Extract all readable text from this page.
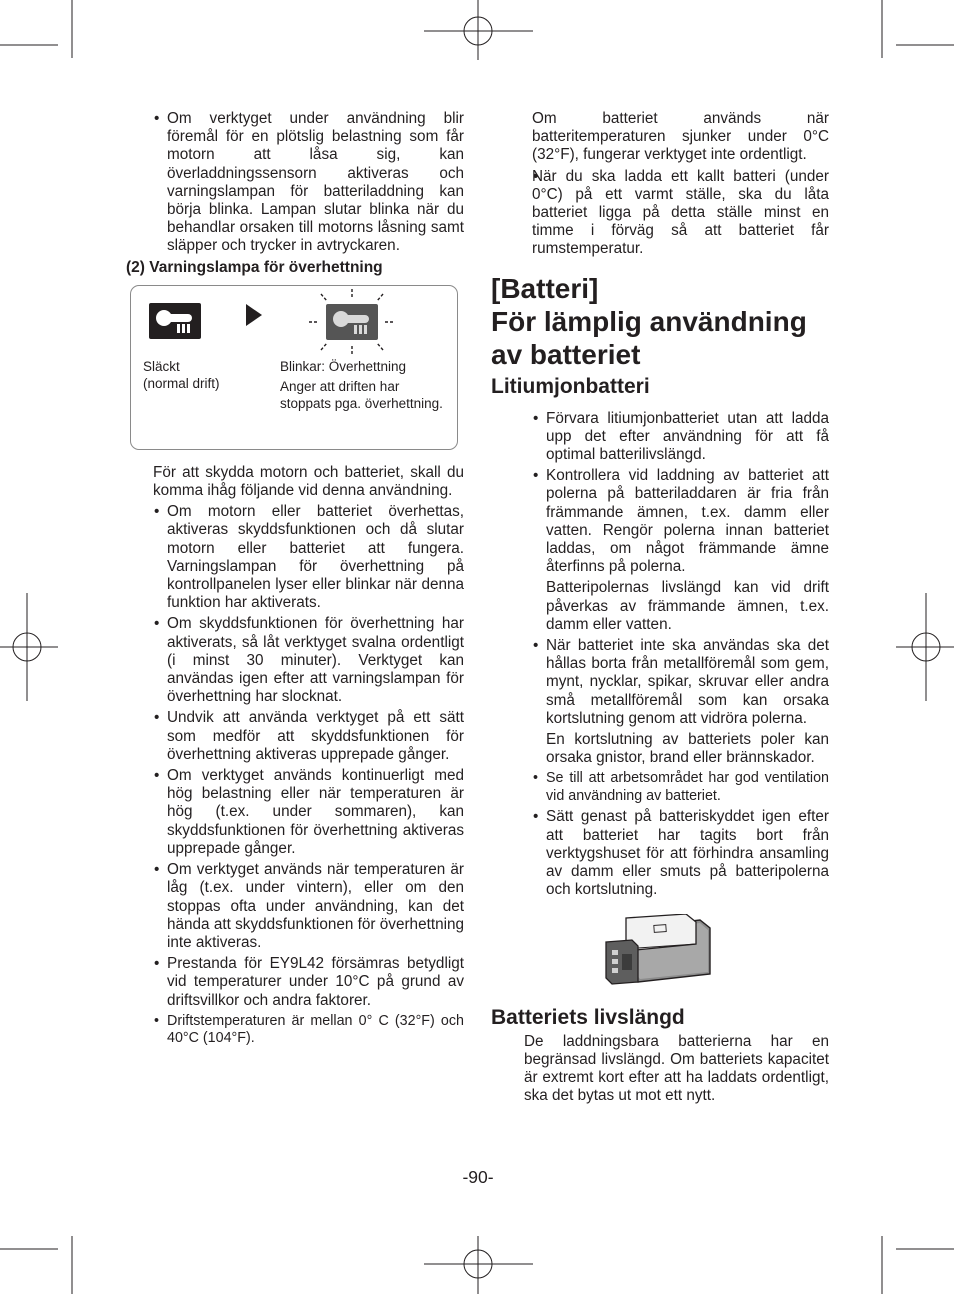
• Om verktyget under användning blir föremål för en plötslig belastning som får motorn att låsa sig, kan överladdningssensorn aktiveras och varningslampan för batteriladdning kan börja blinka. Lampan slutar blinka när du behandlar orsaken till motorns låsning samt släpper och trycker in avtryckaren.
(2) Varningslampa för överhettning
Släckt
(normal drift)
Blinkar: Överhettning
Anger att driften har stoppats pga. överhettning.
För att skydda motorn och batteriet, skall du komma ihåg följande vid denna användning.
• Om motorn eller batteriet överhettas, aktiveras skyddsfunktionen och då slutar motorn eller batteriet att fungera. Varningslampan för överhettning på kontrollpanelen lyser eller blinkar när denna funktion har aktiverats.
• Om skyddsfunktionen för överhettning har aktiverats, så låt verktyget svalna ordentligt (i minst 30 minuter). Verktyget kan användas igen efter att varningslampan för överhettning har slocknat.
• Undvik att använda verktyget på ett sätt som medför att skyddsfunktionen för överhettning aktiveras upprepade gånger.
• Om verktyget används kontinuerligt med hög belastning eller när temperaturen är hög (t.ex. under sommaren), kan skyddsfunktionen för överhettning aktiveras upprepade gånger.
• Om verktyget används när temperaturen är låg (t.ex. under vintern), eller om den stoppas ofta under användning, kan det hända att skyddsfunktionen för överhettning inte aktiveras.
• Prestanda för EY9L42 försämras betydligt vid temperaturer under 10°C på grund av driftsvillkor och andra faktorer.
• Driftstemperaturen är mellan 0° C (32°F) och 40°C (104°F).
Om batteriet används när batteritemperaturen sjunker under 0°C (32°F), fungerar verktyget inte ordentligt.
• När du ska ladda ett kallt batteri (under 0°C) på ett varmt ställe, ska du låta batteriet ligga på detta ställe minst en timme i förväg så att batteriet får rumstemperatur.
[Batteri]
För lämplig användning
av batteriet
Litiumjonbatteri
• Förvara litiumjonbatteriet utan att ladda upp det efter användning för att få optimal batterilivslängd.
• Kontrollera vid laddning av batteriet att polerna på batteriladdaren är fria från främmande ämnen, t.ex. damm eller vatten. Rengör polerna innan batteriet laddas, om något främmande ämne återfinns på polerna.
Batteripolernas livslängd kan vid drift påverkas av främmande ämnen, t.ex. damm eller vatten.
• När batteriet inte ska användas ska det hållas borta från metallföremål som gem, mynt, nycklar, spikar, skruvar eller andra små metallföremål som kan orsaka kortslutning genom att vidröra polerna.
En kortslutning av batteriets poler kan orsaka gnistor, brand eller brännskador.
• Se till att arbetsområdet har god ventilation vid användning av batteriet.
• Sätt genast på batteriskyddet igen efter att batteriet har tagits bort från verktygshuset för att förhindra ansamling av damm eller smuts på batteripolerna och kortslutning.
Batteriets livslängd
De laddningsbara batterierna har en begränsad livslängd. Om batteriets kapacitet är extremt kort efter att ha laddats ordentligt, ska det bytas ut mot ett nytt.
-90-
